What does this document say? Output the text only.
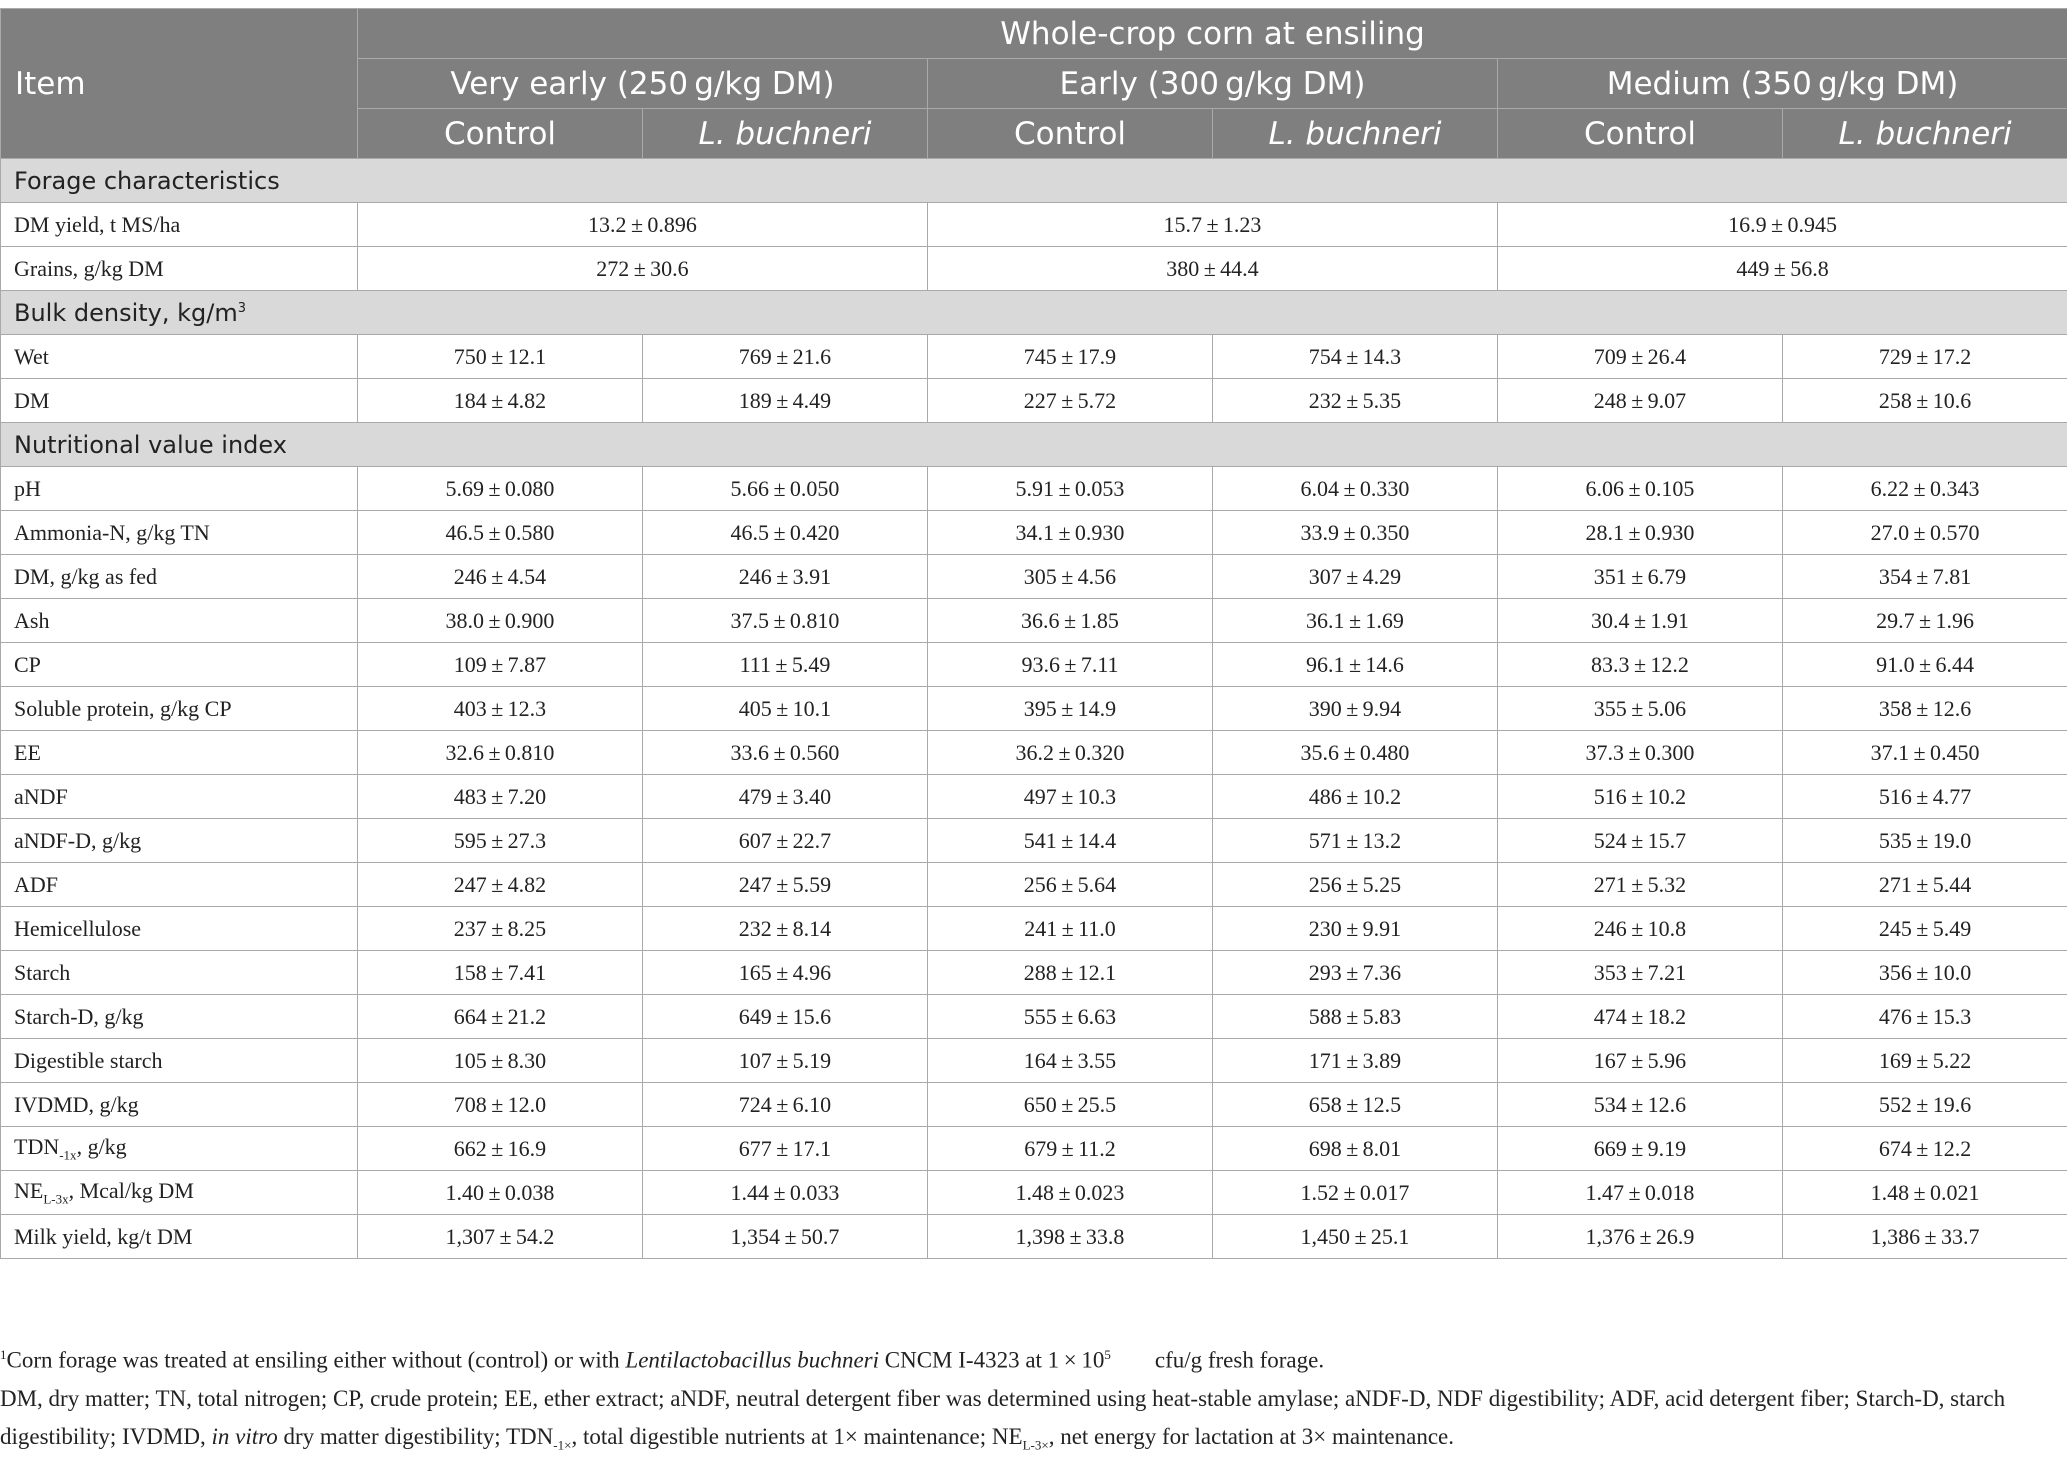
Item	Whole-crop corn at ensiling					
	Very early (250 g/kg DM)		Early (300 g/kg DM)		Medium (350 g/kg DM)	
	Control	L. buchneri	Control	L. buchneri	Control	L. buchneri
Forage characteristics						
DM yield, t MS/ha	13.2 ± 0.896		15.7 ± 1.23		16.9 ± 0.945	
Grains, g/kg DM	272 ± 30.6		380 ± 44.4		449 ± 56.8	
Bulk density, $kg/m^3$
Wet	750 ± 12.1	769 ± 21.6	745 ± 17.9	754 ± 14.3	709 ± 26.4	729 ± 17.2
DM	184 ± 4.82	189 ± 4.49	227 ± 5.72	232 ± 5.35	248 ± 9.07	258 ± 10.6
Nutritional value index						
pH	5.69 ± 0.080	5.66 ± 0.050	5.91 ± 0.053	6.04 ± 0.330	6.06 ± 0.105	6.22 ± 0.343
Ammonia-N, g/kg TN	46.5 ± 0.580	46.5 ± 0.420	34.1 ± 0.930	33.9 ± 0.350	28.1 ± 0.930	27.0 ± 0.570
DM, g/kg as fed	246 ± 4.54	246 ± 3.91	305 ± 4.56	307 ± 4.29	351 ± 6.79	354 ± 7.81
Ash	38.0 ± 0.900	37.5 ± 0.810	36.6 ± 1.85	36.1 ± 1.69	30.4 ± 1.91	29.7 ± 1.96
CP	109 ± 7.87	111 ± 5.49	93.6 ± 7.11	96.1 ± 14.6	83.3 ± 12.2	91.0 ± 6.44
Soluble protein, g/kg CP	403 ± 12.3	405 ± 10.1	395 ± 14.9	390 ± 9.94	355 ± 5.06	358 ± 12.6
EE	32.6 ± 0.810	33.6 ± 0.560	36.2 ± 0.320	35.6 ± 0.480	37.3 ± 0.300	37.1 ± 0.450
aNDF	483 ± 7.20	479 ± 3.40	497 ± 10.3	486 ± 10.2	516 ± 10.2	516 ± 4.77
aNDF-D, g/kg	595 ± 27.3	607 ± 22.7	541 ± 14.4	571 ± 13.2	524 ± 15.7	535 ± 19.0
ADF	247 ± 4.82	247 ± 5.59	256 ± 5.64	256 ± 5.25	271 ± 5.32	271 ± 5.44
Hemicellulose	237 ± 8.25	232 ± 8.14	241 ± 11.0	230 ± 9.91	246 ± 10.8	245 ± 5.49
Starch	158 ± 7.41	165 ± 4.96	288 ± 12.1	293 ± 7.36	353 ± 7.21	356 ± 10.0
Starch-D, g/kg	664 ± 21.2	649 ± 15.6	555 ± 6.63	588 ± 5.83	474 ± 18.2	476 ± 15.3
Digestible starch	105 ± 8.30	107 ± 5.19	164 ± 3.55	171 ± 3.89	167 ± 5.96	169 ± 5.22
IVDMD, g/kg	708 ± 12.0	724 ± 6.10	650 ± 25.5	658 ± 12.5	534 ± 12.6	552 ± 19.6
$TDN_{-1x}$, g/kg	662 ± 16.9	677 ± 17.1	679 ± 11.2	698 ± 8.01	669 ± 9.19	674 ± 12.2
$NE_{L-3x}$, Mcal/kg DM	1.40 ± 0.038	1.44 ± 0.033	1.48 ± 0.023	1.52 ± 0.017	1.47 ± 0.018	1.48 ± 0.021
Milk yield, kg/t DM	1,307 ± 54.2	1,354 ± 50.7	1,398 ± 33.8	1,450 ± 25.1	1,376 ± 26.9	1,386 ± 33.7

$^1$Corn forage was treated at ensiling either without (control) or with Lentilactobacillus buchneri CNCM I-4323 at $1 \times 10^5$ cfu/g fresh forage.

DM, dry matter; TN, total nitrogen; CP, crude protein; EE, ether extract; aNDF, neutral detergent fiber was determined using heat-stable amylase; aNDF-D, NDF digestibility; ADF, acid detergent fiber; Starch-D, starch digestibility; IVDMD, in vitro dry matter digestibility; $TDN_{-1\times}$, total digestible nutrients at 1× maintenance; $NE_{L-3\times}$, net energy for lactation at 3× maintenance.
